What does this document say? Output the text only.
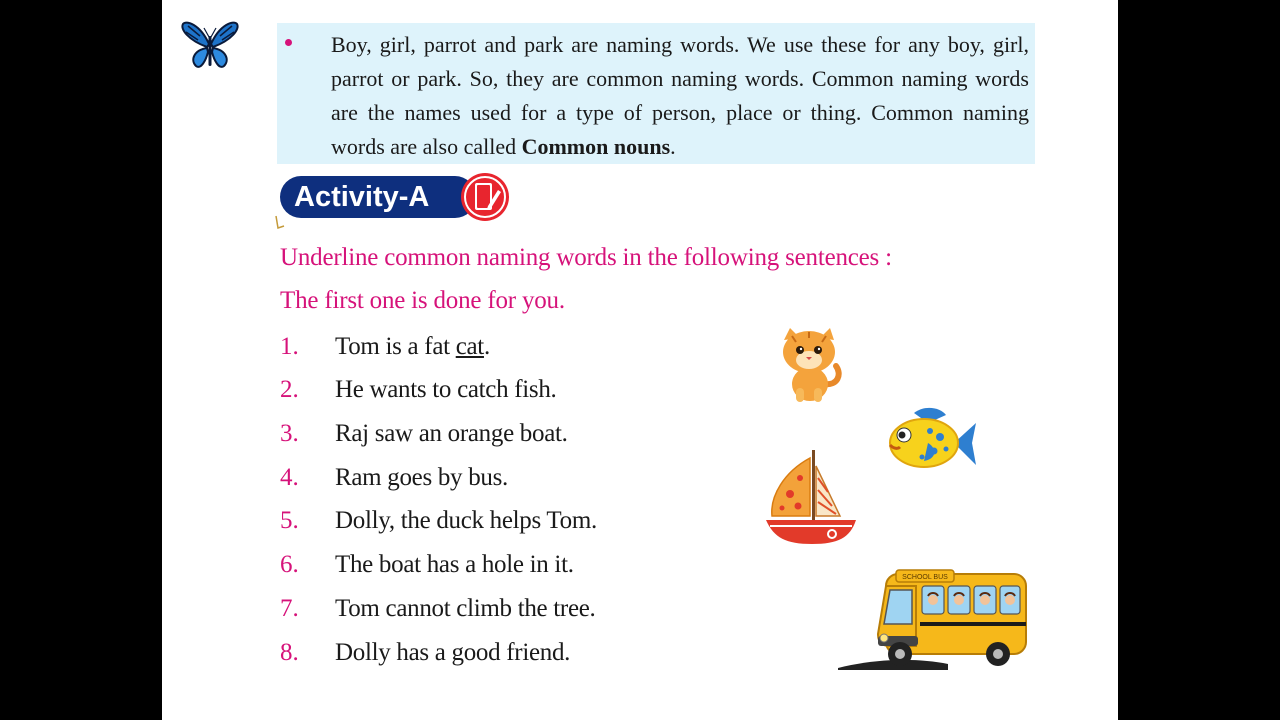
Boy, girl, parrot and park are naming words. We use these for any boy, girl, parrot or park. So, they are common naming words. Common naming words are the names used for a type of person, place or thing. Common naming words are also called Common nouns.
Activity-A
Underline common naming words in the following sentences :
The first one is done for you.
1. Tom is a fat cat.
2. He wants to catch fish.
3. Raj saw an orange boat.
4. Ram goes by bus.
5. Dolly, the duck helps Tom.
6. The boat has a hole in it.
7. Tom cannot climb the tree.
8. Dolly has a good friend.
SCHOOL BUS
